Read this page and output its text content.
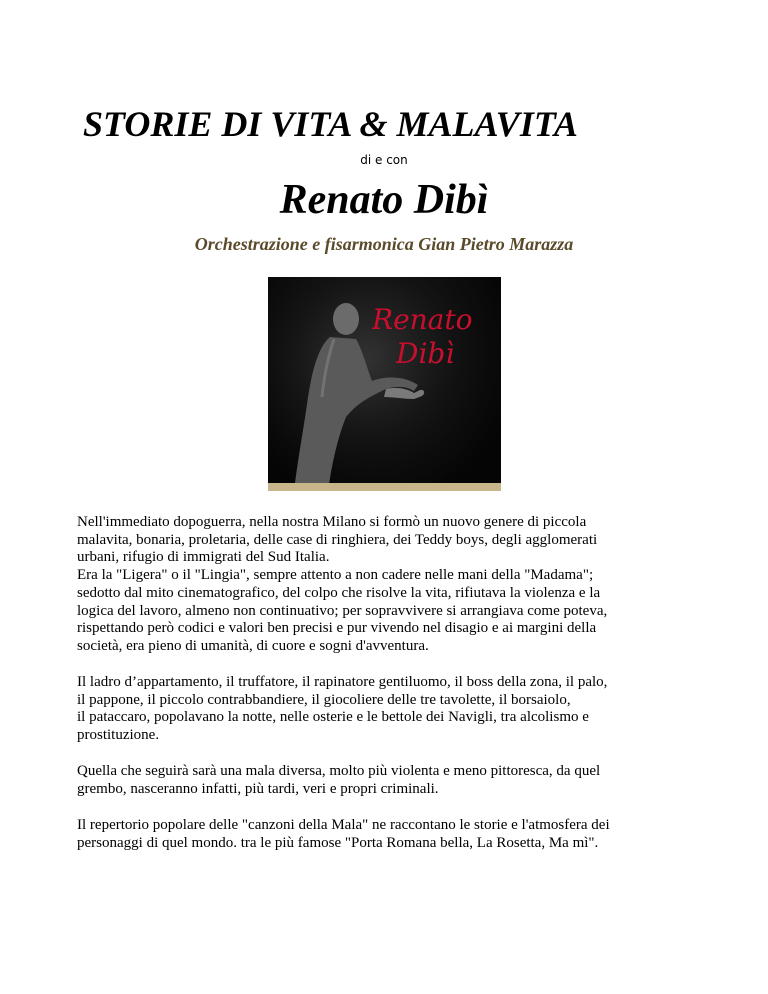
STORIE DI VITA & MALAVITA
di e con
Renato Dibì
Orchestrazione e fisarmonica Gian Pietro Marazza
Renato
Dibì
Nell'immediato dopoguerra, nella nostra Milano si formò un nuovo genere di piccola
malavita, bonaria, proletaria, delle case di ringhiera, dei Teddy boys, degli agglomerati
urbani, rifugio di immigrati del Sud Italia.
Era la "Ligera" o il "Lingia", sempre attento a non cadere nelle mani della "Madama";
sedotto dal mito cinematografico, del colpo che risolve la vita, rifiutava la violenza e la
logica del lavoro, almeno non continuativo; per sopravvivere si arrangiava come poteva,
rispettando però codici e valori ben precisi e pur vivendo nel disagio e ai margini della
società, era pieno di umanità, di cuore e sogni d'avventura.
Il ladro d’appartamento, il truffatore, il rapinatore gentiluomo, il boss della zona, il palo,
il pappone, il piccolo contrabbandiere, il giocoliere delle tre tavolette, il borsaiolo,
il pataccaro, popolavano la notte, nelle osterie e le bettole dei Navigli, tra alcolismo e
prostituzione.
Quella che seguirà sarà una mala diversa, molto più violenta e meno pittoresca, da quel
grembo, nasceranno infatti, più tardi, veri e propri criminali.
Il repertorio popolare delle "canzoni della Mala" ne raccontano le storie e l'atmosfera dei
personaggi di quel mondo. tra le più famose "Porta Romana bella, La Rosetta, Ma mì".
